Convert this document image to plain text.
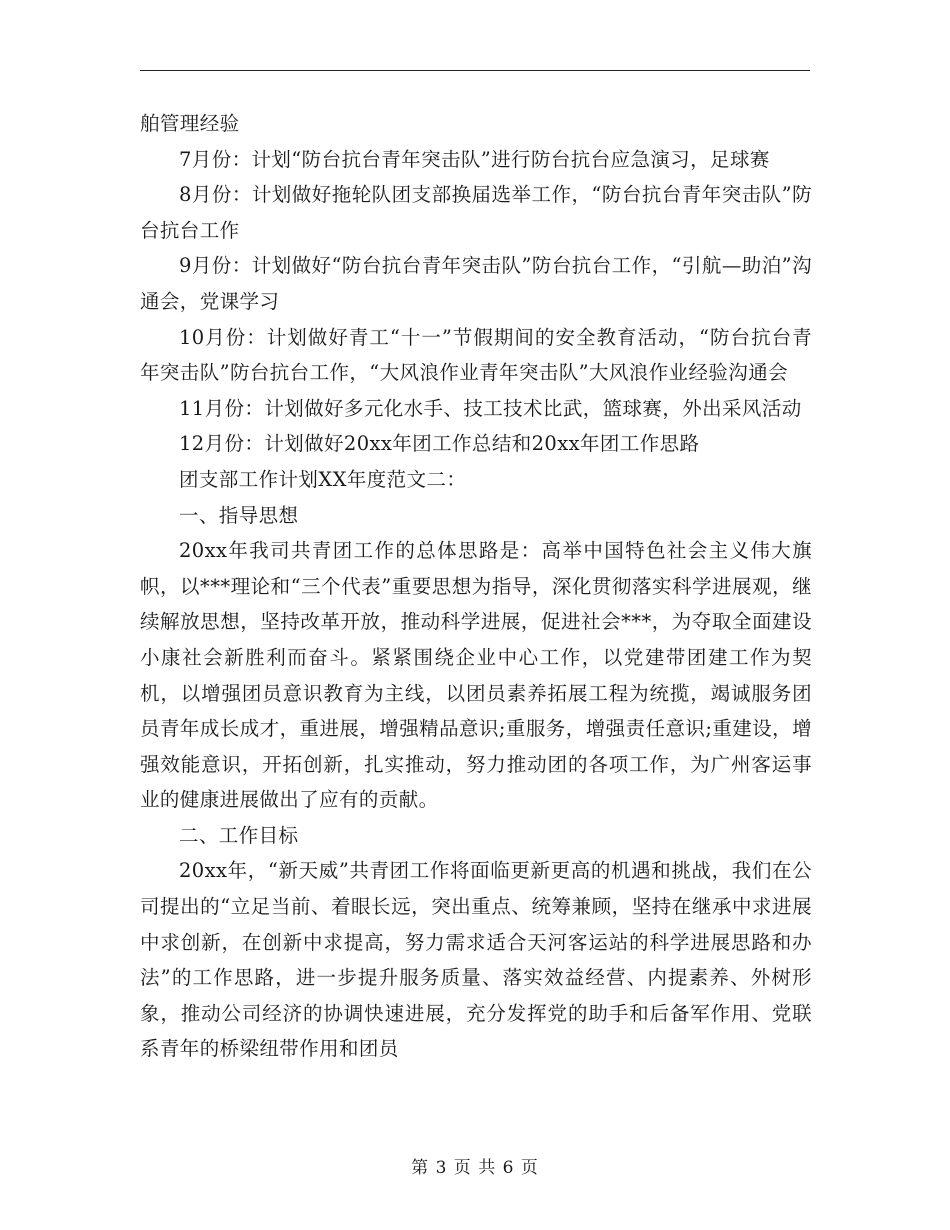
舶管理经验

7月份：计划“防台抗台青年突击队”进行防台抗台应急演习，足球赛

8月份：计划做好拖轮队团支部换届选举工作，“防台抗台青年突击队”防台抗台工作

9月份：计划做好“防台抗台青年突击队”防台抗台工作，“引航—助泊”沟通会，党课学习

10月份：计划做好青工“十一”节假期间的安全教育活动，“防台抗台青年突击队”防台抗台工作，“大风浪作业青年突击队”大风浪作业经验沟通会

11月份：计划做好多元化水手、技工技术比武，篮球赛，外出采风活动

12月份：计划做好20xx年团工作总结和20xx年团工作思路

团支部工作计划XX年度范文二：

一、指导思想

20xx年我司共青团工作的总体思路是：高举中国特色社会主义伟大旗帜，以***理论和“三个代表”重要思想为指导，深化贯彻落实科学进展观，继续解放思想，坚持改革开放，推动科学进展，促进社会***，为夺取全面建设小康社会新胜利而奋斗。紧紧围绕企业中心工作，以党建带团建工作为契机，以增强团员意识教育为主线，以团员素养拓展工程为统揽，竭诚服务团员青年成长成才，重进展，增强精品意识;重服务，增强责任意识;重建设，增强效能意识，开拓创新，扎实推动，努力推动团的各项工作，为广州客运事业的健康进展做出了应有的贡献。

二、工作目标

20xx年，“新天威”共青团工作将面临更新更高的机遇和挑战，我们在公司提出的“立足当前、着眼长远，突出重点、统筹兼顾，坚持在继承中求进展中求创新，在创新中求提高，努力需求适合天河客运站的科学进展思路和办法”的工作思路，进一步提升服务质量、落实效益经营、内提素养、外树形象，推动公司经济的协调快速进展，充分发挥党的助手和后备军作用、党联系青年的桥梁纽带作用和团员

第 3 页 共 6 页
